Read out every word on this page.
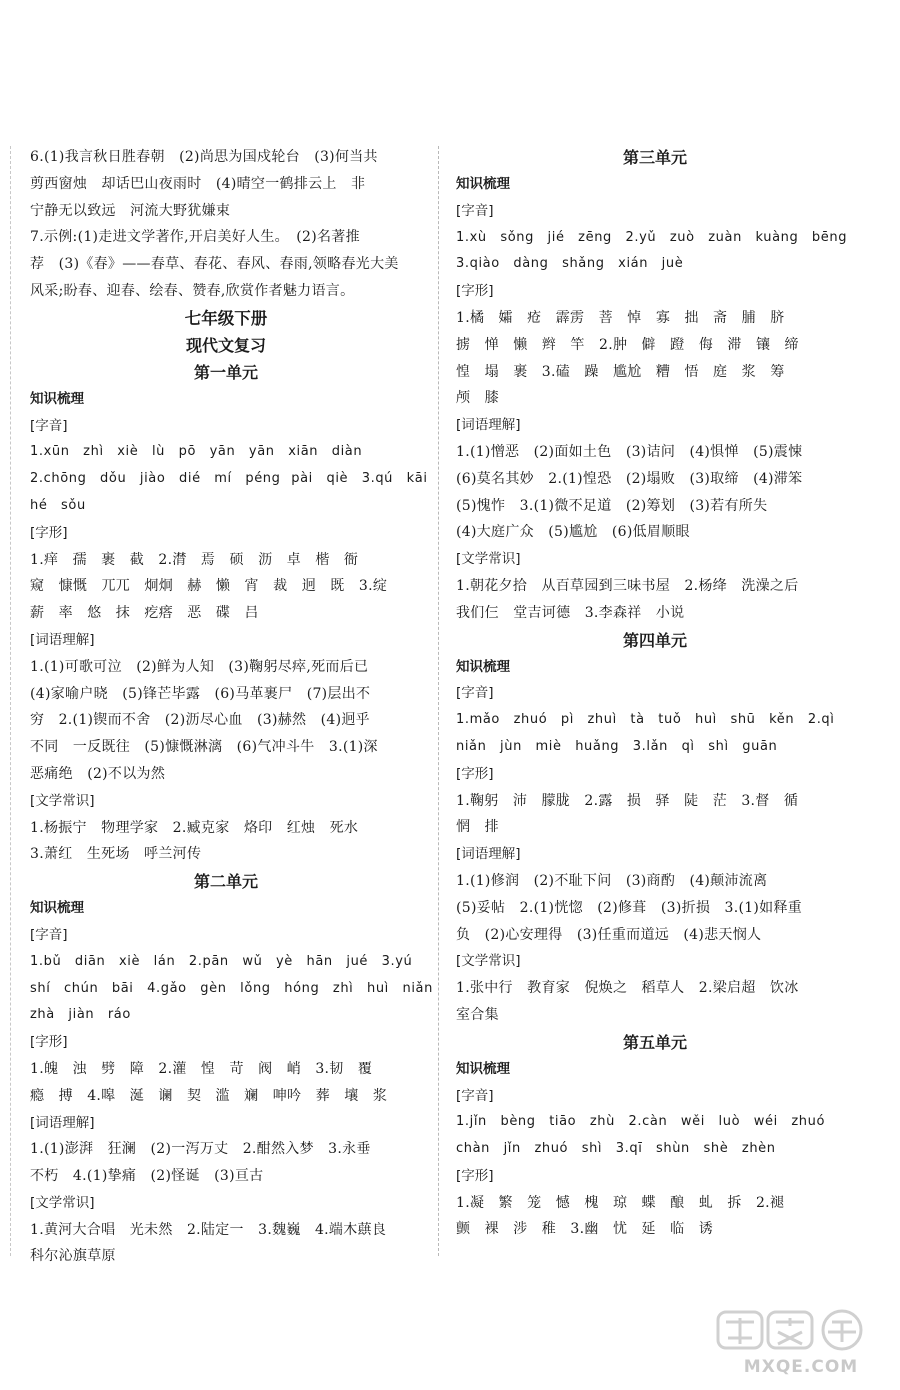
6.(1)我言秋日胜春朝　(2)尚思为国戍轮台　(3)何当共

剪西窗烛　却话巴山夜雨时　(4)晴空一鹤排云上　非

宁静无以致远　河流大野犹嫌束

7.示例:(1)走进文学著作,开启美好人生。　(2)名著推

荐　(3)《春》——春草、春花、春风、春雨,领略春光大美

风采;盼春、迎春、绘春、赞春,欣赏作者魅力语言。

七年级下册

现代文复习

第一单元

知识梳理

[字音]

1.xūn　zhì　xiè　lù　pō　yān　yān　xiān　diàn

2.chōng　dǒu　jiào　dié　mí　péng pài　qiè　3.qú　kāi

hé　sǒu

[字形]

1.痒　孺　裹　截　2.潸　焉　硕　沥　卓　楷　衙

窥　慷慨　兀兀　炯炯　赫　懒　宵　裁　迥　既　3.绽

薪　率　悠　抹　疙瘩　恶　碟　吕

[词语理解]

1.(1)可歌可泣　(2)鲜为人知　(3)鞠躬尽瘁,死而后已

(4)家喻户晓　(5)锋芒毕露　(6)马革裹尸　(7)层出不

穷　2.(1)锲而不舍　(2)沥尽心血　(3)赫然　(4)迥乎

不同　一反既往　(5)慷慨淋漓　(6)气冲斗牛　3.(1)深

恶痛绝　(2)不以为然

[文学常识]

1.杨振宁　物理学家　2.臧克家　烙印　红烛　死水

3.萧红　生死场　呼兰河传

第二单元

知识梳理

[字音]

1.bǔ　diān　xiè　lán　2.pān　wǔ　yè　hān　jué　3.yú

shí　chún　bāi　4.gǎo　gèn　lǒng　hóng　zhì　huì　niǎn

zhà　jiàn　ráo

[字形]

1.魄　浊　劈　障　2.灌　惶　苛　阀　峭　3.韧　覆

瘾　搏　4.嗥　涎　谰　契　滥　斓　呻吟　葬　壤　浆

[词语理解]

1.(1)澎湃　狂澜　(2)一泻万丈　2.酣然入梦　3.永垂

不朽　4.(1)挚痛　(2)怪诞　(3)亘古

[文学常识]

1.黄河大合唱　光未然　2.陆定一　3.魏巍　4.端木蕻良

科尔沁旗草原

第三单元

知识梳理

[字音]

1.xù　sǒng　jié　zēng　2.yǔ　zuò　zuàn　kuàng　bēng

3.qiào　dàng　shǎng　xián　juè

[字形]

1.橘　孀　疮　霹雳　菩　悼　寡　拙　斋　脯　脐

掳　惮　懒　辫　竿　2.肿　僻　蹬　侮　滞　镶　缔

惶　塌　裹　3.磕　躁　尴尬　糟　悟　庭　浆　筹

颅　膝

[词语理解]

1.(1)憎恶　(2)面如土色　(3)诘问　(4)惧惮　(5)震悚

(6)莫名其妙　2.(1)惶恐　(2)塌败　(3)取缔　(4)滞笨

(5)愧怍　3.(1)微不足道　(2)筹划　(3)若有所失

(4)大庭广众　(5)尴尬　(6)低眉顺眼

[文学常识]

1.朝花夕拾　从百草园到三味书屋　2.杨绛　洗澡之后

我们仨　堂吉诃德　3.李森祥　小说

第四单元

知识梳理

[字音]

1.mǎo　zhuó　pì　zhuì　tà　tuǒ　huì　shū　kěn　2.qì

niǎn　jùn　miè　huǎng　3.lǎn　qì　shì　guān

[字形]

1.鞠躬　沛　朦胧　2.露　损　驿　陡　茫　3.督　循

惘　排

[词语理解]

1.(1)修润　(2)不耻下问　(3)商酌　(4)颠沛流离

(5)妥帖　2.(1)恍惚　(2)修葺　(3)折损　3.(1)如释重

负　(2)心安理得　(3)任重而道远　(4)悲天悯人

[文学常识]

1.张中行　教育家　倪焕之　稻草人　2.梁启超　饮冰

室合集

第五单元

知识梳理

[字音]

1.jǐn　bèng　tiāo　zhù　2.càn　wěi　luò　wéi　zhuó

chàn　jǐn　zhuó　shì　3.qī　shùn　shè　zhèn

[字形]

1.凝　繁　笼　憾　槐　琼　蝶　酿　虬　拆　2.褪

颤　裸　涉　稚　3.幽　忧　延　临　诱

MXQE.COM
